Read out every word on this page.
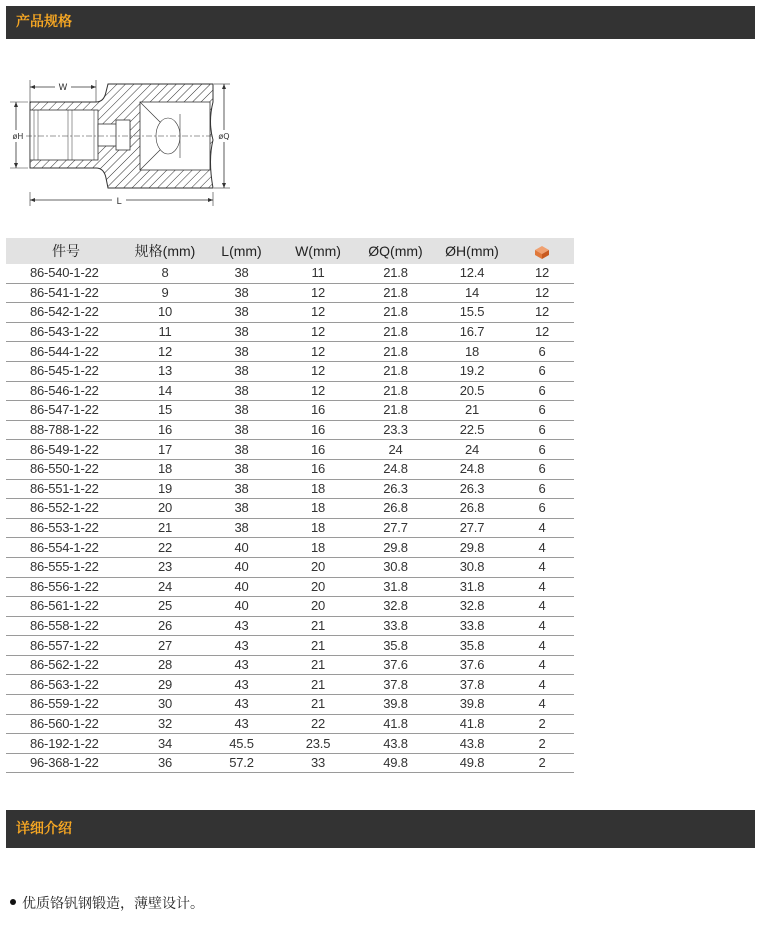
产品规格
W
øH	øQ
L
件号	规格(mm)	L(mm)	W(mm)	ØQ(mm)	ØH(mm)	
86-540-1-22	8	38	11	21.8	12.4	12
86-541-1-22	9	38	12	21.8	14	12
86-542-1-22	10	38	12	21.8	15.5	12
86-543-1-22	11	38	12	21.8	16.7	12
86-544-1-22	12	38	12	21.8	18	6
86-545-1-22	13	38	12	21.8	19.2	6
86-546-1-22	14	38	12	21.8	20.5	6
86-547-1-22	15	38	16	21.8	21	6
88-788-1-22	16	38	16	23.3	22.5	6
86-549-1-22	17	38	16	24	24	6
86-550-1-22	18	38	16	24.8	24.8	6
86-551-1-22	19	38	18	26.3	26.3	6
86-552-1-22	20	38	18	26.8	26.8	6
86-553-1-22	21	38	18	27.7	27.7	4
86-554-1-22	22	40	18	29.8	29.8	4
86-555-1-22	23	40	20	30.8	30.8	4
86-556-1-22	24	40	20	31.8	31.8	4
86-561-1-22	25	40	20	32.8	32.8	4
86-558-1-22	26	43	21	33.8	33.8	4
86-557-1-22	27	43	21	35.8	35.8	4
86-562-1-22	28	43	21	37.6	37.6	4
86-563-1-22	29	43	21	37.8	37.8	4
86-559-1-22	30	43	21	39.8	39.8	4
86-560-1-22	32	43	22	41.8	41.8	2
86-192-1-22	34	45.5	23.5	43.8	43.8	2
96-368-1-22	36	57.2	33	49.8	49.8	2
详细介绍
优质铬钒钢锻造，薄壁设计。
